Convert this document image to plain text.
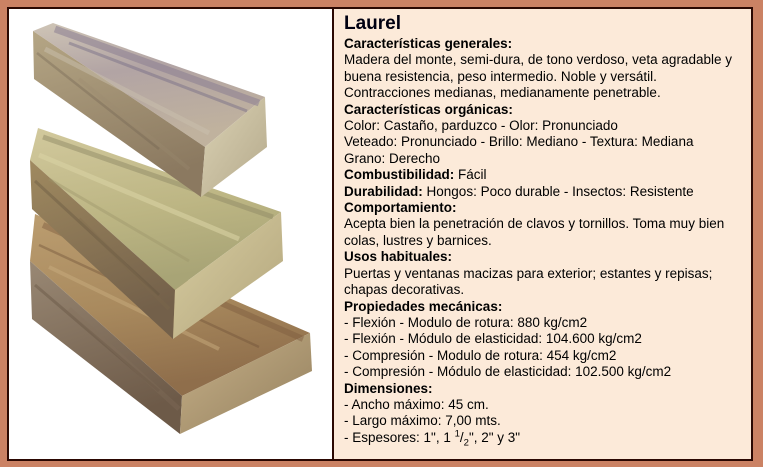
Laurel

Características generales:

Madera del monte, semi-dura, de tono verdoso, veta agradable y buena resistencia, peso intermedio. Noble y versátil. Contracciones medianas, medianamente penetrable.

Características orgánicas:

Color: Castaño, parduzco - Olor: Pronunciado

Veteado: Pronunciado - Brillo: Mediano - Textura: Mediana

Grano: Derecho

Combustibilidad: Fácil

Durabilidad: Hongos: Poco durable - Insectos: Resistente

Comportamiento:

Acepta bien la penetración de clavos y tornillos. Toma muy bien colas, lustres y barnices.

Usos habituales:

Puertas y ventanas macizas para exterior; estantes y repisas; chapas decorativas.

Propiedades mecánicas:

- Flexión - Modulo de rotura: 880 kg/cm2

- Flexión - Módulo de elasticidad: 104.600 kg/cm2

- Compresión - Modulo de rotura: 454 kg/cm2

- Compresión - Módulo de elasticidad: 102.500 kg/cm2

Dimensiones:

- Ancho máximo: 45 cm.

- Largo máximo: 7,00 mts.

- Espesores: 1", 1 $^1/_2$", 2" y 3"
